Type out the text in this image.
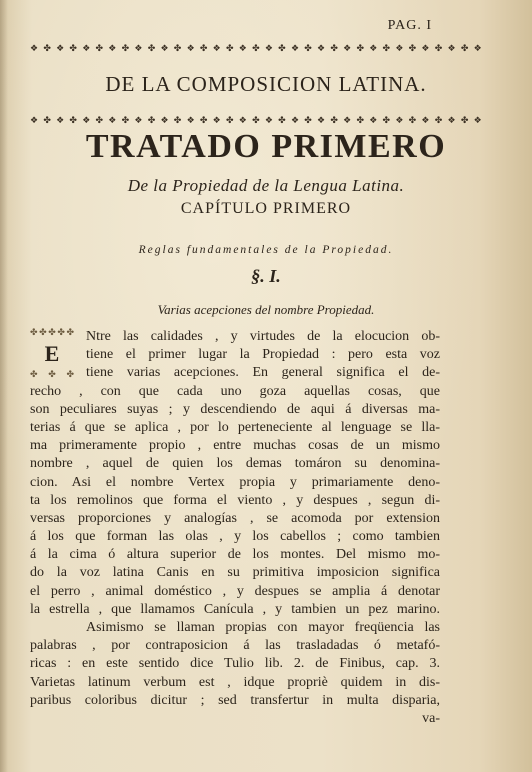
PAG. I
❖ ✤ ❖ ✤ ❖ ✤ ❖ ✤ ❖ ✤ ❖ ✤ ❖ ✤ ❖ ✤ ❖ ✤ ❖ ✤ ❖ ✤ ❖ ✤ ❖ ✤ ❖ ✤ ❖ ✤ ❖ ✤ ❖ ✤ ❖
DE LA COMPOSICION LATINA.
❖ ✤ ❖ ✤ ❖ ✤ ❖ ✤ ❖ ✤ ❖ ✤ ❖ ✤ ❖ ✤ ❖ ✤ ❖ ✤ ❖ ✤ ❖ ✤ ❖ ✤ ❖ ✤ ❖ ✤ ❖ ✤ ❖ ✤ ❖
TRATADO PRIMERO
De la Propiedad de la Lengua Latina.
CAPÍTULO PRIMERO
Reglas fundamentales de la Propiedad.
§. I.
Varias acepciones del nombre Propiedad.
✤ ✤ ✤ ✤ ✤
✤ ✤ ✤
E
Ntre las calidades , y virtudes de la elocucion ob-
tiene el primer lugar la Propiedad : pero esta voz
tiene varias acepciones. En general significa el de-
recho , con que cada uno goza aquellas cosas, que
son peculiares suyas ; y descendiendo de aqui á diversas ma-
terias á que se aplica , por lo perteneciente al lenguage se lla-
ma primeramente propio , entre muchas cosas de un mismo
nombre , aquel de quien los demas tomáron su denomina-
cion. Asi el nombre Vertex propia y primariamente deno-
ta los remolinos que forma el viento , y despues , segun di-
versas proporciones y analogías , se acomoda por extension
á los que forman las olas , y los cabellos ; como tambien
á la cima ó altura superior de los montes. Del mismo mo-
do la voz latina Canis en su primitiva imposicion significa
el perro , animal doméstico , y despues se amplia á denotar
la estrella , que llamamos Canícula , y tambien un pez marino.
Asimismo se llaman propias con mayor freqüencia las
palabras , por contraposicion á las trasladadas ó metafó-
ricas : en este sentido dice Tulio lib. 2. de Finibus, cap. 3.
Varietas latinum verbum est , idque propriè quidem in dis-
paribus coloribus dicitur ; sed transfertur in multa disparia,
va-
